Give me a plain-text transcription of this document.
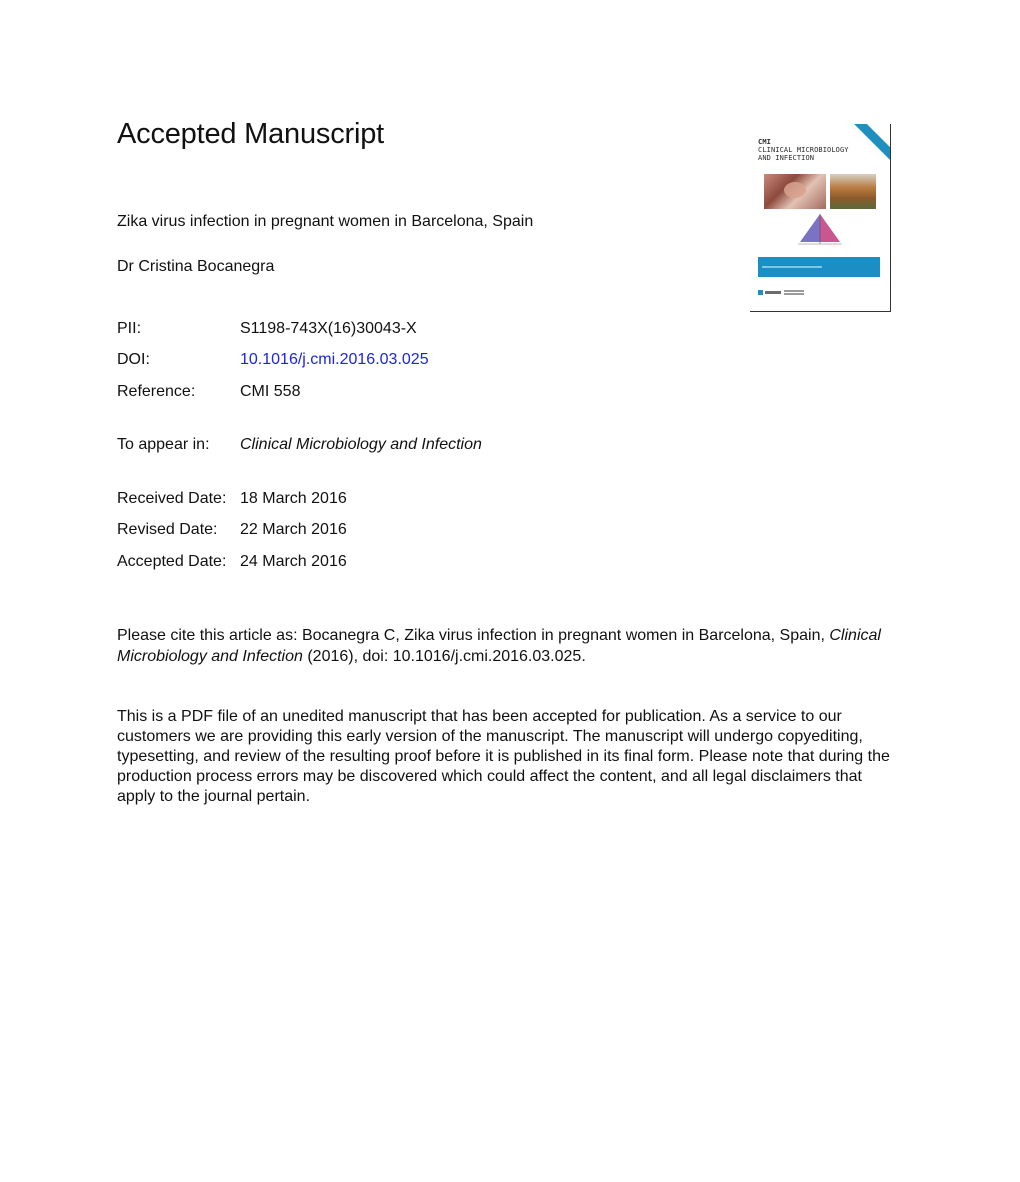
Accepted Manuscript	CMI
CLINICAL MICROBIOLOGY
AND INFECTION
Zika virus infection in pregnant women in Barcelona, Spain
Dr Cristina Bocanegra
PII:	S1198-743X(16)30043-X
DOI:	10.1016/j.cmi.2016.03.025
Reference:	CMI 558
To appear in: Clinical Microbiology and Infection
Received Date: 18 March 2016
Revised Date: 22 March 2016
Accepted Date: 24 March 2016
Please cite this article as: Bocanegra C, Zika virus infection in pregnant women in Barcelona, Spain, Clinical Microbiology and Infection (2016), doi: 10.1016/j.cmi.2016.03.025.
This is a PDF file of an unedited manuscript that has been accepted for publication. As a service to our customers we are providing this early version of the manuscript. The manuscript will undergo copyediting, typesetting, and review of the resulting proof before it is published in its final form. Please note that during the production process errors may be discovered which could affect the content, and all legal disclaimers that apply to the journal pertain.
